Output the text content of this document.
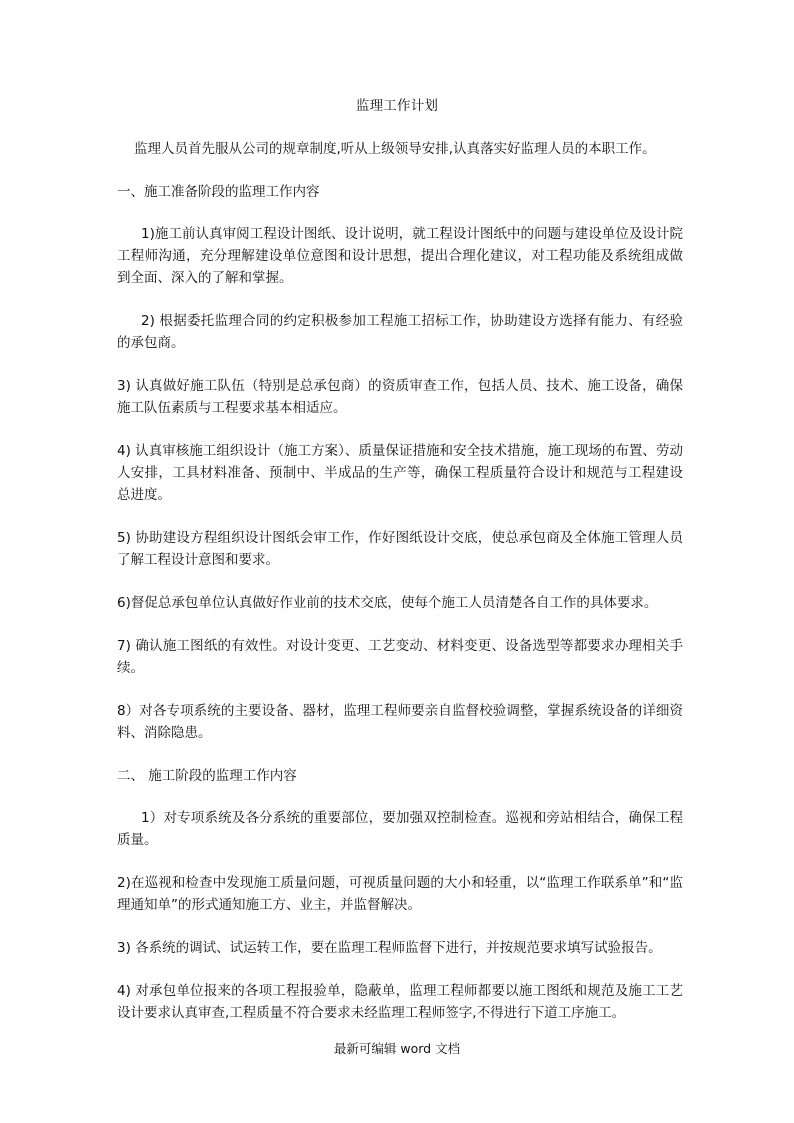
监理工作计划

监理人员首先服从公司的规章制度,听从上级领导安排,认真落实好监理人员的本职工作。

一、施工准备阶段的监理工作内容

1)施工前认真审阅工程设计图纸、设计说明，就工程设计图纸中的问题与建设单位及设计院工程师沟通，充分理解建设单位意图和设计思想，提出合理化建议，对工程功能及系统组成做到全面、深入的了解和掌握。

2) 根据委托监理合同的约定积极参加工程施工招标工作，协助建设方选择有能力、有经验的承包商。

3) 认真做好施工队伍（特别是总承包商）的资质审查工作，包括人员、技术、施工设备，确保施工队伍素质与工程要求基本相适应。

4) 认真审核施工组织设计（施工方案）、质量保证措施和安全技术措施，施工现场的布置、劳动人安排，工具材料准备、预制中、半成品的生产等，确保工程质量符合设计和规范与工程建设总进度。

5) 协助建设方程组织设计图纸会审工作，作好图纸设计交底，使总承包商及全体施工管理人员了解工程设计意图和要求。

6)督促总承包单位认真做好作业前的技术交底，使每个施工人员清楚各自工作的具体要求。

7) 确认施工图纸的有效性。对设计变更、工艺变动、材料变更、设备选型等都要求办理相关手续。

8）对各专项系统的主要设备、器材，监理工程师要亲自监督校验调整，掌握系统设备的详细资料、消除隐患。

二、 施工阶段的监理工作内容

1）对专项系统及各分系统的重要部位，要加强双控制检查。巡视和旁站相结合，确保工程质量。

2)在巡视和检查中发现施工质量问题，可视质量问题的大小和轻重，以“监理工作联系单”和“监理通知单”的形式通知施工方、业主，并监督解决。

3) 各系统的调试、试运转工作，要在监理工程师监督下进行，并按规范要求填写试验报告。

4) 对承包单位报来的各项工程报验单，隐蔽单，监理工程师都要以施工图纸和规范及施工工艺设计要求认真审查,工程质量不符合要求未经监理工程师签字,不得进行下道工序施工。

最新可编辑 word 文档
